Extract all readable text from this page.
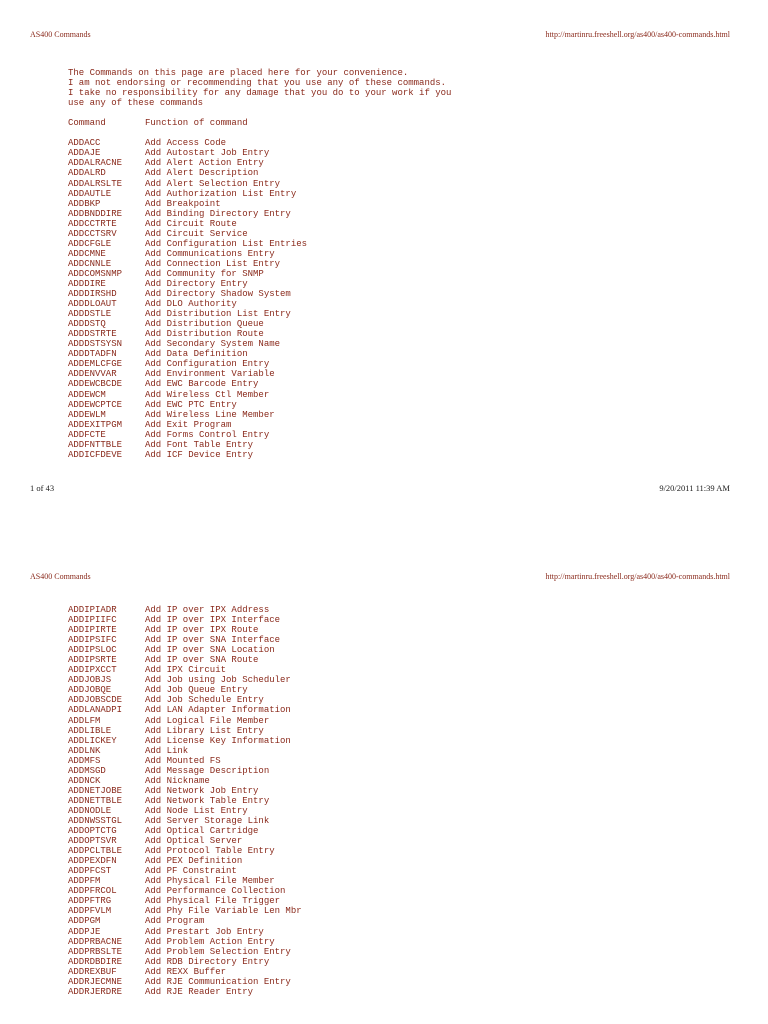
AS400 Commands	http://martinru.freeshell.org/as400/as400-commands.html
The Commands on this page are placed here for your convenience.
I am not endorsing or recommending that you use any of these commands.
I take no responsibility for any damage that you do to your work if you
use any of these commands
Command	Function of command
ADDACC	Add Access Code
ADDAJE	Add Autostart Job Entry
ADDALRACNE	Add Alert Action Entry
ADDALRD	Add Alert Description
ADDALRSLTE	Add Alert Selection Entry
ADDAUTLE	Add Authorization List Entry
ADDBKP	Add Breakpoint
ADDBNDDIRE	Add Binding Directory Entry
ADDCCTRTE	Add Circuit Route
ADDCCTSRV	Add Circuit Service
ADDCFGLE	Add Configuration List Entries
ADDCMNE	Add Communications Entry
ADDCNNLE	Add Connection List Entry
ADDCOMSNMP	Add Community for SNMP
ADDDIRE	Add Directory Entry
ADDDIRSHD	Add Directory Shadow System
ADDDLOAUT	Add DLO Authority
ADDDSTLE	Add Distribution List Entry
ADDDSTQ	Add Distribution Queue
ADDDSTRTE	Add Distribution Route
ADDDSTSYSN	Add Secondary System Name
ADDDTADFN	Add Data Definition
ADDEMLCFGE	Add Configuration Entry
ADDENVVAR	Add Environment Variable
ADDEWCBCDE	Add EWC Barcode Entry
ADDEWCM	Add Wireless Ctl Member
ADDEWCPTCE	Add EWC PTC Entry
ADDEWLM	Add Wireless Line Member
ADDEXITPGM	Add Exit Program
ADDFCTE	Add Forms Control Entry
ADDFNTTBLE	Add Font Table Entry
ADDICFDEVE	Add ICF Device Entry
1 of 43	9/20/2011 11:39 AM
AS400 Commands	http://martinru.freeshell.org/as400/as400-commands.html
ADDIPIADR	Add IP over IPX Address
ADDIPIIFC	Add IP over IPX Interface
ADDIPIRTE	Add IP over IPX Route
ADDIPSIFC	Add IP over SNA Interface
ADDIPSLOC	Add IP over SNA Location
ADDIPSRTE	Add IP over SNA Route
ADDIPXCCT	Add IPX Circuit
ADDJOBJS	Add Job using Job Scheduler
ADDJOBQE	Add Job Queue Entry
ADDJOBSCDE	Add Job Schedule Entry
ADDLANADPI	Add LAN Adapter Information
ADDLFM	Add Logical File Member
ADDLIBLE	Add Library List Entry
ADDLICKEY	Add License Key Information
ADDLNK	Add Link
ADDMFS	Add Mounted FS
ADDMSGD	Add Message Description
ADDNCK	Add Nickname
ADDNETJOBE	Add Network Job Entry
ADDNETTBLE	Add Network Table Entry
ADDNODLE	Add Node List Entry
ADDNWSSTGL	Add Server Storage Link
ADDOPTCTG	Add Optical Cartridge
ADDOPTSVR	Add Optical Server
ADDPCLTBLE	Add Protocol Table Entry
ADDPEXDFN	Add PEX Definition
ADDPFCST	Add PF Constraint
ADDPFM	Add Physical File Member
ADDPFRCOL	Add Performance Collection
ADDPFTRG	Add Physical File Trigger
ADDPFVLM	Add Phy File Variable Len Mbr
ADDPGM	Add Program
ADDPJE	Add Prestart Job Entry
ADDPRBACNE	Add Problem Action Entry
ADDPRBSLTE	Add Problem Selection Entry
ADDRDBDIRE	Add RDB Directory Entry
ADDREXBUF	Add REXX Buffer
ADDRJECMNE	Add RJE Communication Entry
ADDRJERDRE	Add RJE Reader Entry
